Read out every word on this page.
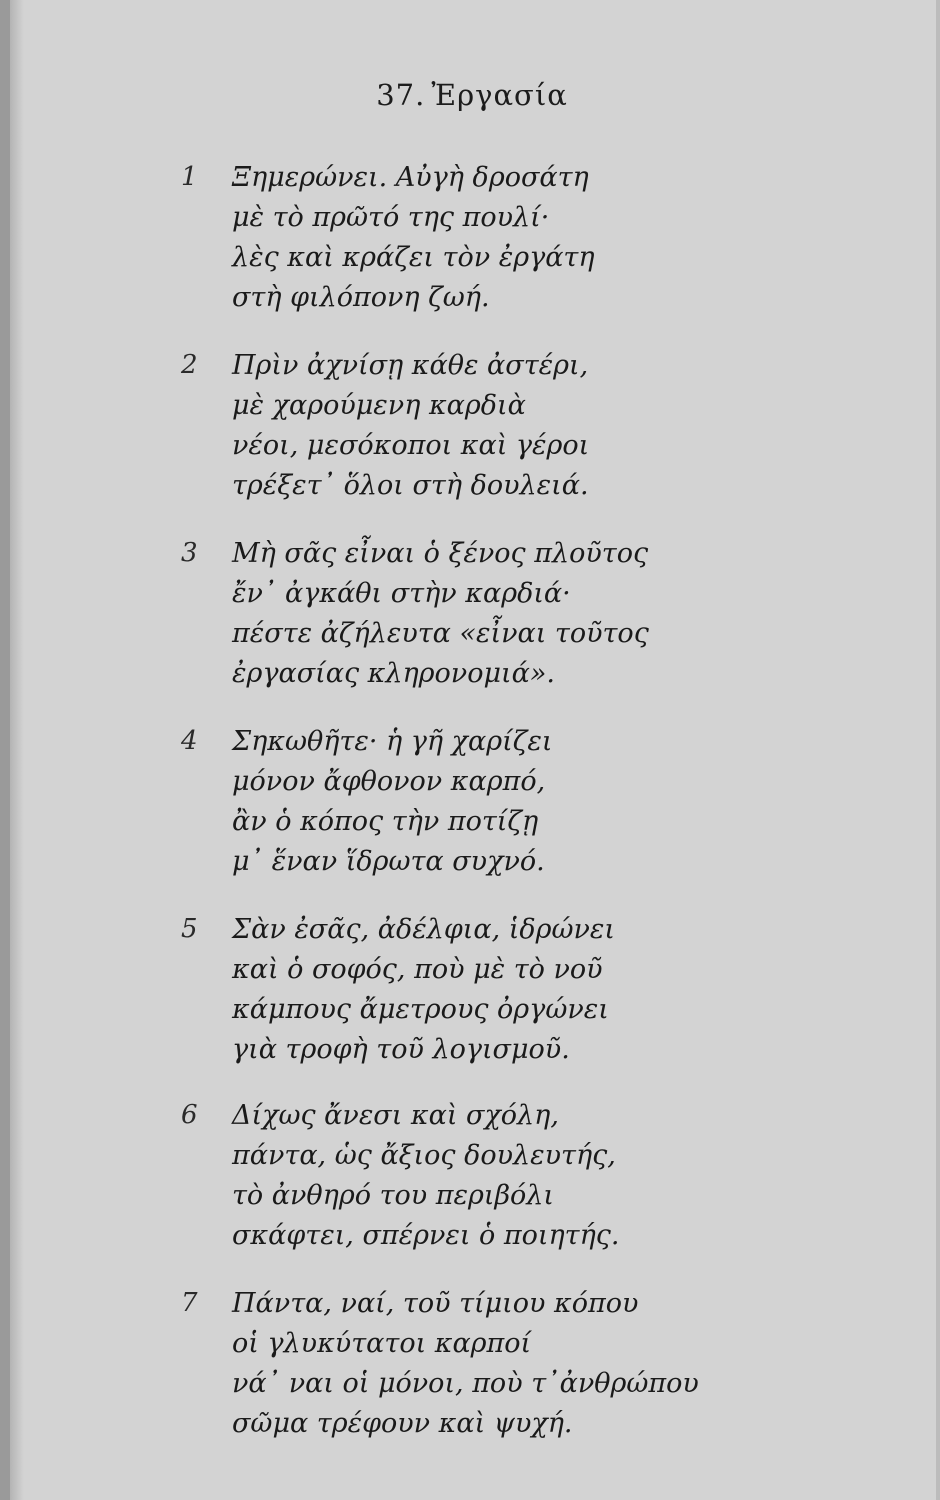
37. Ἐργασία
1 Ξημερώνει. Αὐγὴ δροσάτη
μὲ τὸ πρῶτό της πουλί·
λὲς καὶ κράζει τὸν ἐργάτη
στὴ φιλόπονη ζωή.
2 Πρὶν ἀχνίσῃ κάθε ἀστέρι,
μὲ χαρούμενη καρδιὰ
νέοι, μεσόκοποι καὶ γέροι
τρέξετ᾿ ὅλοι στὴ δουλειά.
3 Μὴ σᾶς εἶναι ὁ ξένος πλοῦτος
ἔν᾿ ἀγκάθι στὴν καρδιά·
πέστε ἀζήλευτα «εἶναι τοῦτος
ἐργασίας κληρονομιά».
4 Σηκωθῆτε· ἡ γῆ χαρίζει
μόνον ἄφθονον καρπό,
ἂν ὁ κόπος τὴν ποτίζῃ
μ᾿ ἕναν ἵδρωτα συχνό.
5 Σὰν ἐσᾶς, ἀδέλφια, ἱδρώνει
καὶ ὁ σοφός, ποὺ μὲ τὸ νοῦ
κάμπους ἄμετρους ὀργώνει
γιὰ τροφὴ τοῦ λογισμοῦ.
6 Δίχως ἄνεσι καὶ σχόλη,
πάντα, ὡς ἄξιος δουλευτής,
τὸ ἀνθηρό του περιβόλι
σκάφτει, σπέρνει ὁ ποιητής.
7 Πάντα, ναί, τοῦ τίμιου κόπου
οἱ γλυκύτατοι καρποί
νά᾿ ναι οἱ μόνοι, ποὺ τ᾿ἀνθρώπου
σῶμα τρέφουν καὶ ψυχή.
